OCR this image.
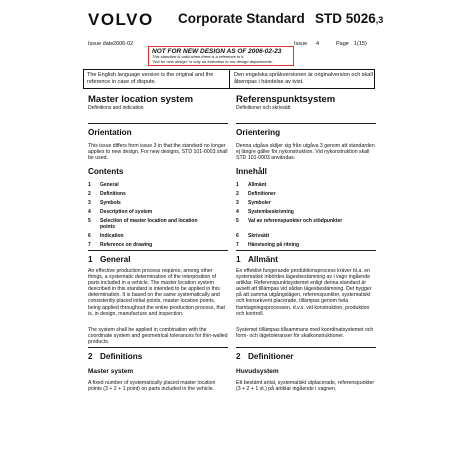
VOLVO Corporate Standard STD 5026,3
Issue date 2006-02	Issue 4	Page 1(15)
NOT FOR NEW DESIGN AS OF 2006-02-23
This standard is valid when there is a reference to it.
"Not for new design" is only an indication to our design departments.
The English language version is the original and the reference in case of dispute.
Den engelska språkversionen är originalversion och skall åberopas i händelse av tvist.
Master location system
Definitions and indication
Orientation
This issue differs from issue 3 in that the standard no longer applies to new design. For new designs, STD 101-0003 shall be used.
Contents
1 General
2 Definitions
3 Symbols
4 Description of system
5	Selection of master location and location points
6 Indication
7 Reference on drawing
1 General
An effective production process requires, among other things, a systematic determination of the interposition of parts included in a vehicle. The master location system described in this standard is intended to be applied in this determination. It is based on the same systematically and consistently placed initial points, master location points, being applied throughout the entire production process, that is, in design, manufacture and inspection.
The system shall be applied in combination with the coordinate system and geometrical tolerances for thin-walled products.
2 Definitions
Master system
A fixed number of systematically placed master location points (3 + 2 + 1 point) on parts included in the vehicle.
Referenspunktsystem
Definitioner och skrivsätt
Orientering
Denna utgåva skiljer sig från utgåva 3 genom att standarden ej längre gäller för nykonstruktion. Vid nykonstruktion skall STD 101-0003 användas.
Innehåll
1 Allmänt
2 Definitioner
3 Symboler
4 Systembeskrivning
5 Val av referenspunkter och stödpunkter
6 Skrivsätt
7 Hänvisning på ritning
1 Allmänt
En effektivt fungerande produktionsprocess kräver bl.a. en systematisk inbördes lägesbestämning av i vagn ingående artiklar. Referenspunktsystemet enligt denna standard är avsett att tillämpas vid sådan lägesbestämning. Det bygger på att samma utgångslägen, referenspunkter, systematiskt och konsekvent placerade, tillämpas genom hela framtagningsprocessen, d.v.s. vid konstruktion, produktion och kontroll.
Systemet tillämpas tillsammans med koordinatsystemet och form- och lägetoleranser för skalkonstruktioner.
2 Definitioner
Huvudsystem
Ett bestämt antal, systematiskt utplacerade, referenspunkter (3 + 2 + 1 st.) på artiklar ingående i vagnen.
